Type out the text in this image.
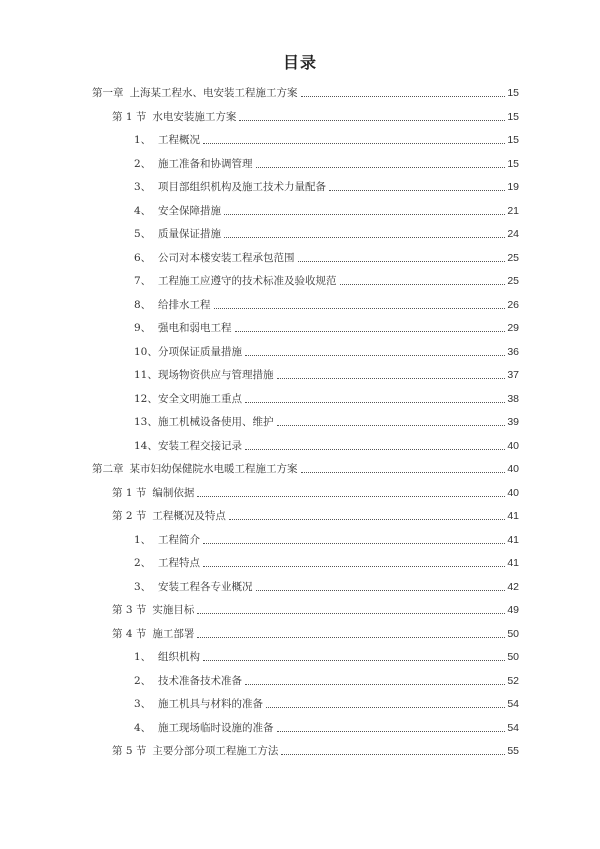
目录
第一章 上海某工程水、电安装工程施工方案	15
第 1 节 水电安装施工方案	15
1、 工程概况	15
2、 施工准备和协调管理	15
3、 项目部组织机构及施工技术力量配备	19
4、 安全保障措施	21
5、 质量保证措施	24
6、 公司对本楼安装工程承包范围	25
7、 工程施工应遵守的技术标准及验收规范	25
8、 给排水工程	26
9、 强电和弱电工程	29
10、 分项保证质量措施	36
11、 现场物资供应与管理措施	37
12、 安全文明施工重点	38
13、 施工机械设备使用、维护	39
14、 安装工程交接记录	40
第二章 某市妇幼保健院水电暖工程施工方案	40
第 1 节 编制依据	40
第 2 节 工程概况及特点	41
1、 工程简介	41
2、 工程特点	41
3、 安装工程各专业概况	42
第 3 节 实施目标	49
第 4 节 施工部署	50
1、 组织机构	50
2、 技术准备技术准备	52
3、 施工机具与材料的准备	54
4、 施工现场临时设施的准备	54
第 5 节 主要分部分项工程施工方法	55
